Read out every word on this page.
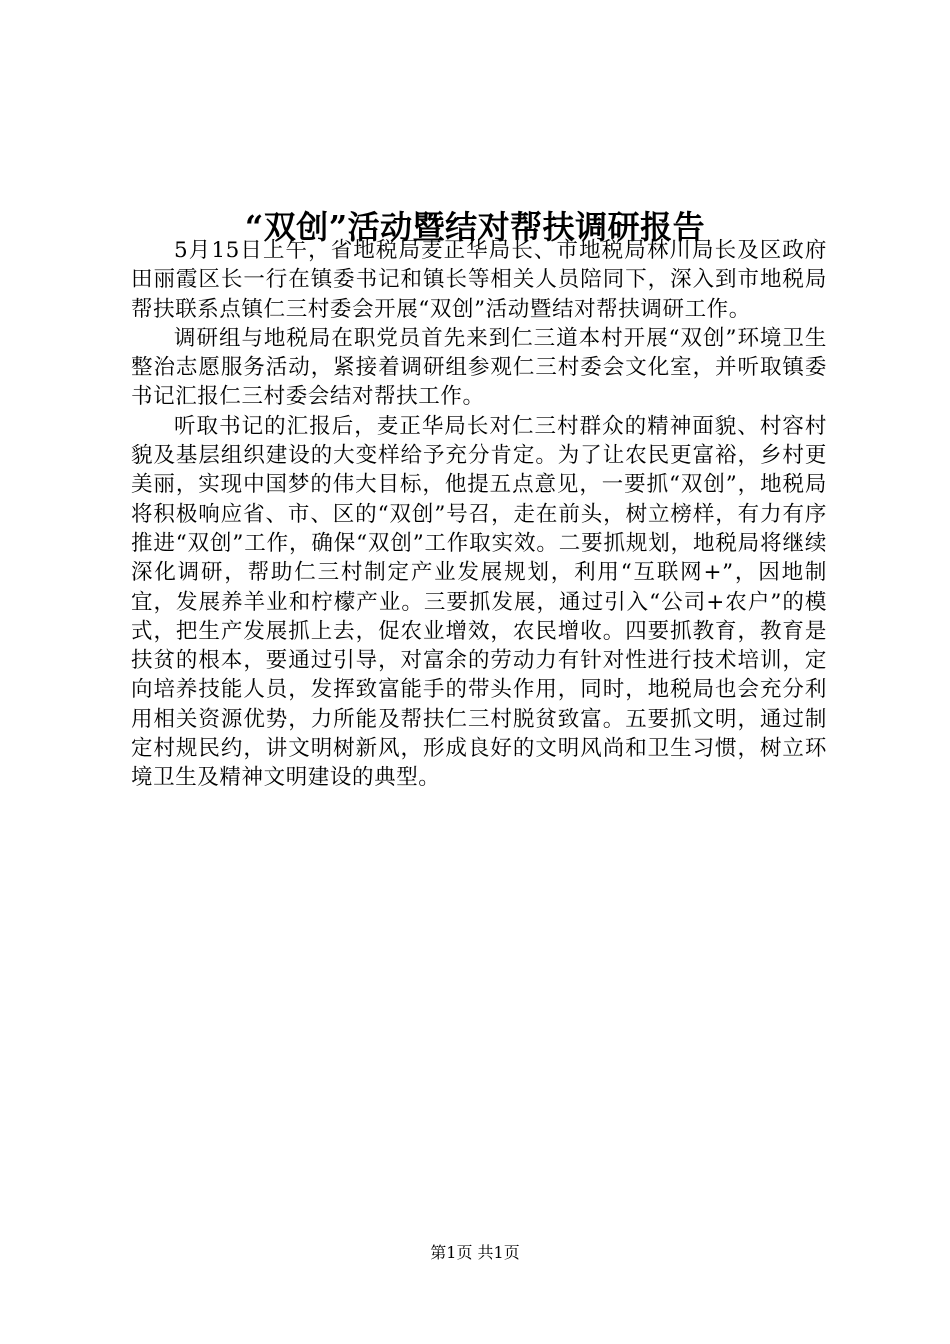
“双创”活动暨结对帮扶调研报告

5月15日上午，省地税局麦正华局长、市地税局林川局长及区政府田丽霞区长一行在镇委书记和镇长等相关人员陪同下，深入到市地税局帮扶联系点镇仁三村委会开展“双创”活动暨结对帮扶调研工作。

调研组与地税局在职党员首先来到仁三道本村开展“双创”环境卫生整治志愿服务活动，紧接着调研组参观仁三村委会文化室，并听取镇委书记汇报仁三村委会结对帮扶工作。

听取书记的汇报后，麦正华局长对仁三村群众的精神面貌、村容村貌及基层组织建设的大变样给予充分肯定。为了让农民更富裕，乡村更美丽，实现中国梦的伟大目标，他提五点意见，一要抓“双创”，地税局将积极响应省、市、区的“双创”号召，走在前头，树立榜样，有力有序推进“双创”工作，确保“双创”工作取实效。二要抓规划，地税局将继续深化调研，帮助仁三村制定产业发展规划，利用“互联网+”，因地制宜，发展养羊业和柠檬产业。三要抓发展，通过引入“公司+农户”的模式，把生产发展抓上去，促农业增效，农民增收。四要抓教育，教育是扶贫的根本，要通过引导，对富余的劳动力有针对性进行技术培训，定向培养技能人员，发挥致富能手的带头作用，同时，地税局也会充分利用相关资源优势，力所能及帮扶仁三村脱贫致富。五要抓文明，通过制定村规民约，讲文明树新风，形成良好的文明风尚和卫生习惯，树立环境卫生及精神文明建设的典型。

第1页 共1页
